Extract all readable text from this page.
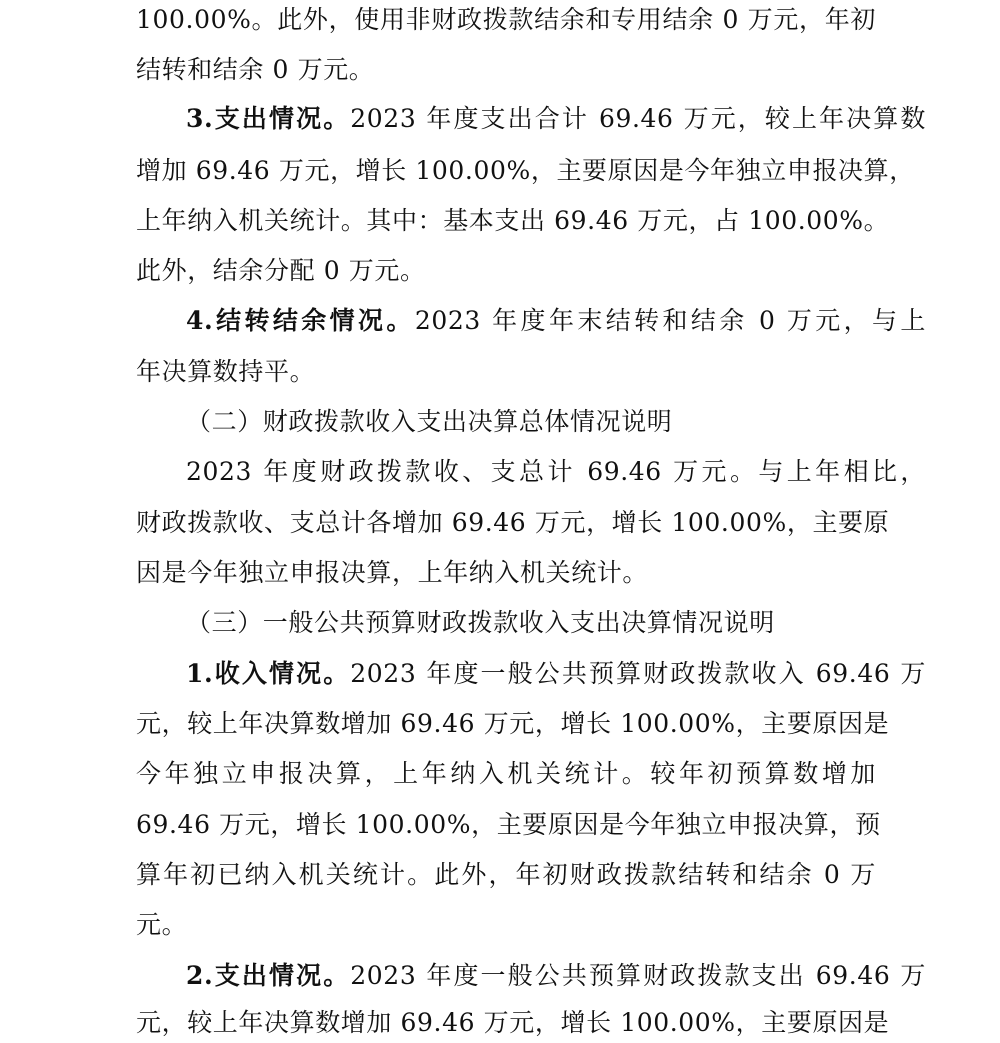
100.00%。此外，使用非财政拨款结余和专用结余 0 万元，年初
结转和结余 0 万元。
3.支出情况。2023 年度支出合计 69.46 万元，较上年决算数
增加 69.46 万元，增长 100.00%，主要原因是今年独立申报决算，
上年纳入机关统计。其中：基本支出 69.46 万元，占 100.00%。
此外，结余分配 0 万元。
4.结转结余情况。2023 年度年末结转和结余 0 万元，与上
年决算数持平。
（二）财政拨款收入支出决算总体情况说明
2023 年度财政拨款收、支总计 69.46 万元。与上年相比，
财政拨款收、支总计各增加 69.46 万元，增长 100.00%，主要原
因是今年独立申报决算，上年纳入机关统计。
（三）一般公共预算财政拨款收入支出决算情况说明
1.收入情况。2023 年度一般公共预算财政拨款收入 69.46 万
元，较上年决算数增加 69.46 万元，增长 100.00%，主要原因是
今年独立申报决算，上年纳入机关统计。较年初预算数增加
69.46 万元，增长 100.00%，主要原因是今年独立申报决算，预
算年初已纳入机关统计。此外，年初财政拨款结转和结余 0 万
元。
2.支出情况。2023 年度一般公共预算财政拨款支出 69.46 万
元，较上年决算数增加 69.46 万元，增长 100.00%，主要原因是
